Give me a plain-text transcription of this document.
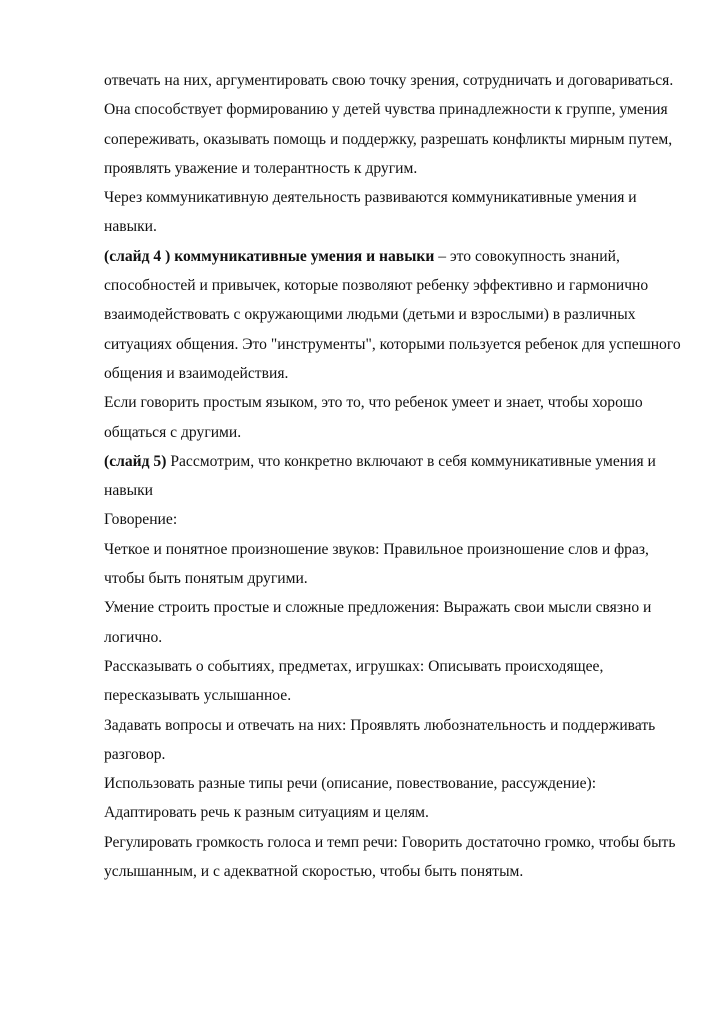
отвечать на них, аргументировать свою точку зрения, сотрудничать и договариваться.

Она способствует формированию у детей чувства принадлежности к группе, умения сопереживать, оказывать помощь и поддержку, разрешать конфликты мирным путем, проявлять уважение и толерантность к другим.

Через коммуникативную деятельность развиваются коммуникативные умения и навыки.

(слайд 4 ) коммуникативные умения и навыки – это совокупность знаний, способностей и привычек, которые позволяют ребенку эффективно и гармонично взаимодействовать с окружающими людьми (детьми и взрослыми) в различных ситуациях общения. Это "инструменты", которыми пользуется ребенок для успешного общения и взаимодействия.

Если говорить простым языком, это то, что ребенок умеет и знает, чтобы хорошо общаться с другими.

(слайд 5) Рассмотрим, что конкретно включают в себя коммуникативные умения и навыки

Говорение:

Четкое и понятное произношение звуков: Правильное произношение слов и фраз, чтобы быть понятым другими.

Умение строить простые и сложные предложения: Выражать свои мысли связно и логично.

Рассказывать о событиях, предметах, игрушках: Описывать происходящее, пересказывать услышанное.

Задавать вопросы и отвечать на них: Проявлять любознательность и поддерживать разговор.

Использовать разные типы речи (описание, повествование, рассуждение): Адаптировать речь к разным ситуациям и целям.

Регулировать громкость голоса и темп речи: Говорить достаточно громко, чтобы быть услышанным, и с адекватной скоростью, чтобы быть понятым.
